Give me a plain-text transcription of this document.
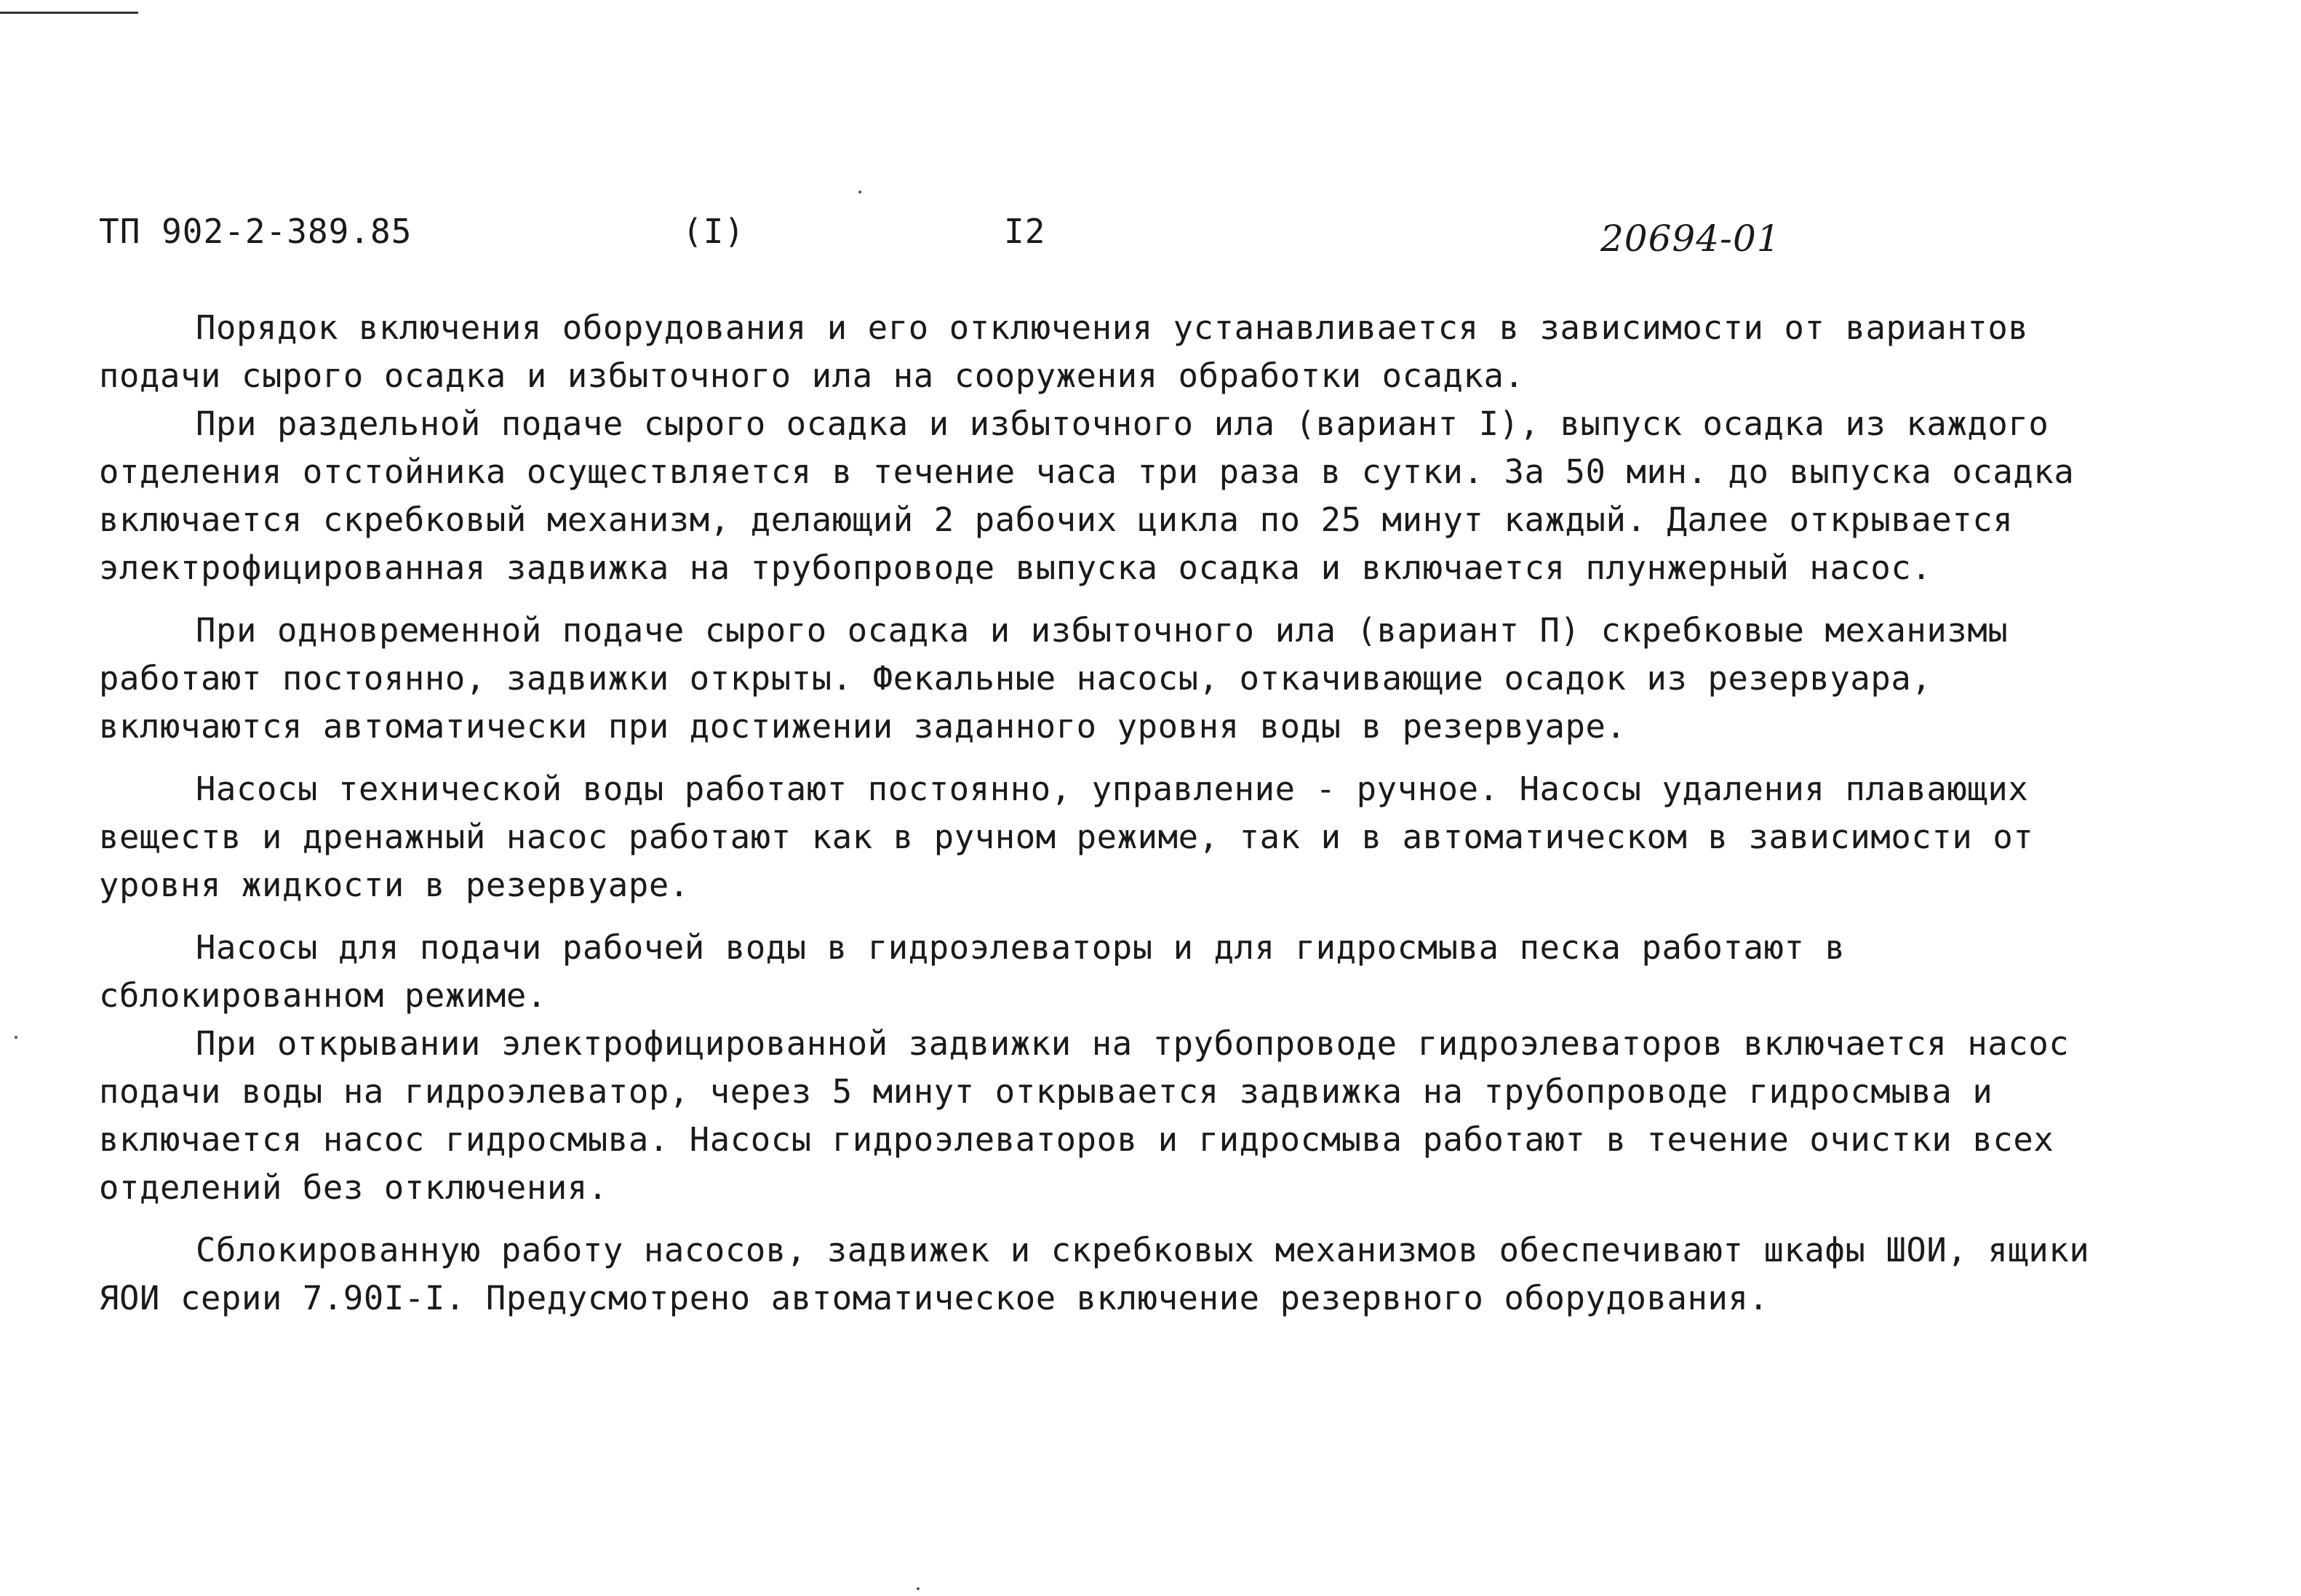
ТП 902-2-389.85	(I)	I2	20694-01

Порядок включения оборудования и его отключения устанавливается в зависимости от вариантов подачи сырого осадка и избыточного ила на сооружения обработки осадка.

При раздельной подаче сырого осадка и избыточного ила (вариант I), выпуск осадка из каждого отделения отстойника осуществляется в течение часа три раза в сутки. За 50 мин. до выпуска осадка включается скребковый механизм, делающий 2 рабочих цикла по 25 минут каждый. Далее открывается электрофицированная задвижка на трубопроводе выпуска осадка и включается плунжерный насос.

При одновременной подаче сырого осадка и избыточного ила (вариант П) скребковые механизмы работают постоянно, задвижки открыты. Фекальные насосы, откачивающие осадок из резервуара, включаются автоматически при достижении заданного уровня воды в резервуаре.

Насосы технической воды работают постоянно, управление - ручное. Насосы удаления плавающих веществ и дренажный насос работают как в ручном режиме, так и в автоматическом в зависимости от уровня жидкости в резервуаре.

Насосы для подачи рабочей воды в гидроэлеваторы и для гидросмыва песка работают в сблокированном режиме.

При открывании электрофицированной задвижки на трубопроводе гидроэлеваторов включается насос подачи воды на гидроэлеватор, через 5 минут открывается задвижка на трубопроводе гидросмыва и включается насос гидросмыва. Насосы гидроэлеваторов и гидросмыва работают в течение очистки всех отделений без отключения.

Сблокированную работу насосов, задвижек и скребковых механизмов обеспечивают шкафы ШОИ, ящики ЯОИ серии 7.90I-I. Предусмотрено автоматическое включение резервного оборудования.
